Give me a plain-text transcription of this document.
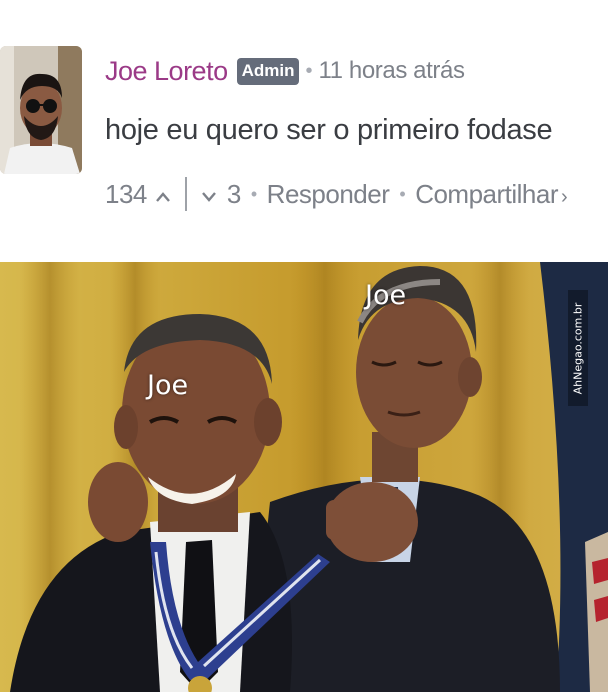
Joe Loreto Admin • 11 horas atrás
hoje eu quero ser o primeiro fodase
134	3 • Responder • Compartilhar ›
Joe
Joe
AhNegao.com.br
